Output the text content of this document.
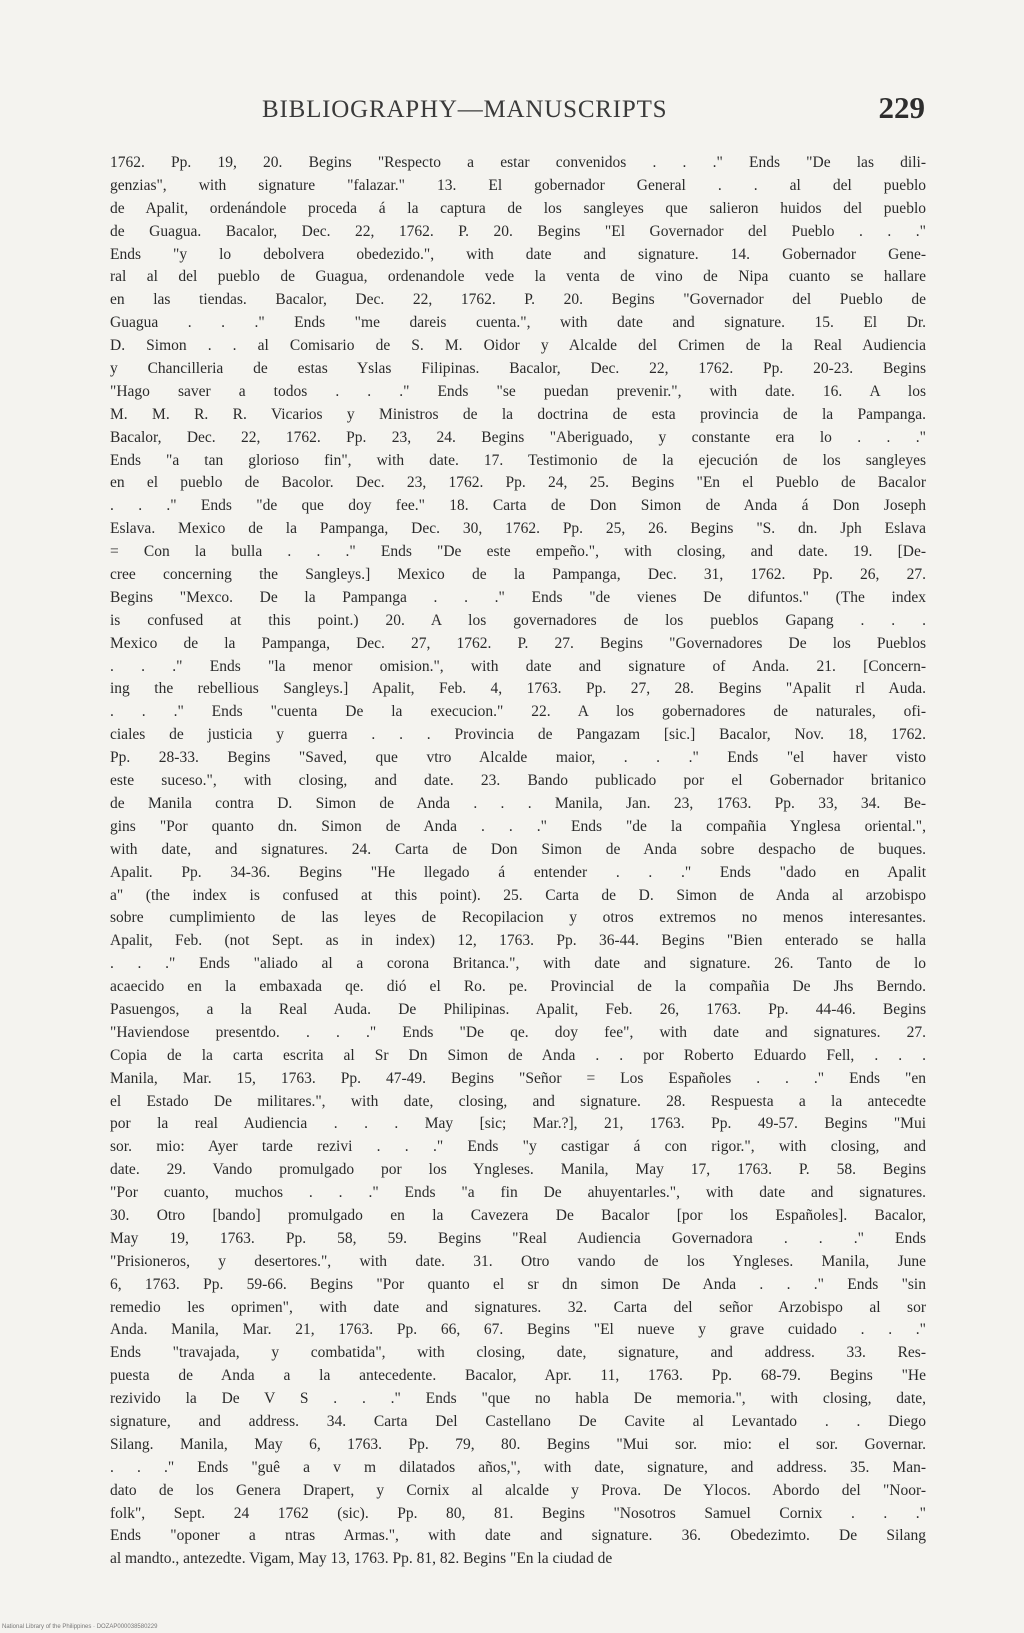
BIBLIOGRAPHY—MANUSCRIPTS	229
1762. Pp. 19, 20. Begins "Respecto a estar convenidos . . ." Ends "De las dili-
genzias", with signature "falazar." 13. El gobernador General . . al del pueblo
de Apalit, ordenándole proceda á la captura de los sangleyes que salieron huidos del pueblo
de Guagua. Bacalor, Dec. 22, 1762. P. 20. Begins "El Governador del Pueblo . . ."
Ends "y lo debolvera obedezido.", with date and signature. 14. Gobernador Gene-
ral al del pueblo de Guagua, ordenandole vede la venta de vino de Nipa cuanto se hallare
en las tiendas. Bacalor, Dec. 22, 1762. P. 20. Begins "Governador del Pueblo de
Guagua . . ." Ends "me dareis cuenta.", with date and signature. 15. El Dr.
D. Simon . . al Comisario de S. M. Oidor y Alcalde del Crimen de la Real Audiencia
y Chancilleria de estas Yslas Filipinas. Bacalor, Dec. 22, 1762. Pp. 20-23. Begins
"Hago saver a todos . . ." Ends "se puedan prevenir.", with date. 16. A los
M. M. R. R. Vicarios y Ministros de la doctrina de esta provincia de la Pampanga.
Bacalor, Dec. 22, 1762. Pp. 23, 24. Begins "Aberiguado, y constante era lo . . ."
Ends "a tan glorioso fin", with date. 17. Testimonio de la ejecución de los sangleyes
en el pueblo de Bacolor. Dec. 23, 1762. Pp. 24, 25. Begins "En el Pueblo de Bacalor
. . ." Ends "de que doy fee." 18. Carta de Don Simon de Anda á Don Joseph
Eslava. Mexico de la Pampanga, Dec. 30, 1762. Pp. 25, 26. Begins "S. dn. Jph Eslava
= Con la bulla . . ." Ends "De este empeño.", with closing, and date. 19. [De-
cree concerning the Sangleys.] Mexico de la Pampanga, Dec. 31, 1762. Pp. 26, 27.
Begins "Mexco. De la Pampanga . . ." Ends "de vienes De difuntos." (The index
is confused at this point.) 20. A los governadores de los pueblos Gapang . . .
Mexico de la Pampanga, Dec. 27, 1762. P. 27. Begins "Governadores De los Pueblos
. . ." Ends "la menor omision.", with date and signature of Anda. 21. [Concern-
ing the rebellious Sangleys.] Apalit, Feb. 4, 1763. Pp. 27, 28. Begins "Apalit rl Auda.
. . ." Ends "cuenta De la execucion." 22. A los gobernadores de naturales, ofi-
ciales de justicia y guerra . . . Provincia de Pangazam [sic.] Bacalor, Nov. 18, 1762.
Pp. 28-33. Begins "Saved, que vtro Alcalde maior, . . ." Ends "el haver visto
este suceso.", with closing, and date. 23. Bando publicado por el Gobernador britanico
de Manila contra D. Simon de Anda . . . Manila, Jan. 23, 1763. Pp. 33, 34. Be-
gins "Por quanto dn. Simon de Anda . . ." Ends "de la compañia Ynglesa oriental.",
with date, and signatures. 24. Carta de Don Simon de Anda sobre despacho de buques.
Apalit. Pp. 34-36. Begins "He llegado á entender . . ." Ends "dado en Apalit
a" (the index is confused at this point). 25. Carta de D. Simon de Anda al arzobispo
sobre cumplimiento de las leyes de Recopilacion y otros extremos no menos interesantes.
Apalit, Feb. (not Sept. as in index) 12, 1763. Pp. 36-44. Begins "Bien enterado se halla
. . ." Ends "aliado al a corona Britanca.", with date and signature. 26. Tanto de lo
acaecido en la embaxada qe. dió el Ro. pe. Provincial de la compañia De Jhs Berndo.
Pasuengos, a la Real Auda. De Philipinas. Apalit, Feb. 26, 1763. Pp. 44-46. Begins
"Haviendose presentdo. . . ." Ends "De qe. doy fee", with date and signatures. 27.
Copia de la carta escrita al Sr Dn Simon de Anda . . por Roberto Eduardo Fell, . . .
Manila, Mar. 15, 1763. Pp. 47-49. Begins "Señor = Los Españoles . . ." Ends "en
el Estado De militares.", with date, closing, and signature. 28. Respuesta a la antecedte
por la real Audiencia . . . May [sic; Mar.?], 21, 1763. Pp. 49-57. Begins "Mui
sor. mio: Ayer tarde rezivi . . ." Ends "y castigar á con rigor.", with closing, and
date. 29. Vando promulgado por los Yngleses. Manila, May 17, 1763. P. 58. Begins
"Por cuanto, muchos . . ." Ends "a fin De ahuyentarles.", with date and signatures.
30. Otro [bando] promulgado en la Cavezera De Bacalor [por los Españoles]. Bacalor,
May 19, 1763. Pp. 58, 59. Begins "Real Audiencia Governadora . . ." Ends
"Prisioneros, y desertores.", with date. 31. Otro vando de los Yngleses. Manila, June
6, 1763. Pp. 59-66. Begins "Por quanto el sr dn simon De Anda . . ." Ends "sin
remedio les oprimen", with date and signatures. 32. Carta del señor Arzobispo al sor
Anda. Manila, Mar. 21, 1763. Pp. 66, 67. Begins "El nueve y grave cuidado . . ."
Ends "travajada, y combatida", with closing, date, signature, and address. 33. Res-
puesta de Anda a la antecedente. Bacalor, Apr. 11, 1763. Pp. 68-79. Begins "He
rezivido la De V S . . ." Ends "que no habla De memoria.", with closing, date,
signature, and address. 34. Carta Del Castellano De Cavite al Levantado . . Diego
Silang. Manila, May 6, 1763. Pp. 79, 80. Begins "Mui sor. mio: el sor. Governar.
. . ." Ends "guê a v m dilatados años,", with date, signature, and address. 35. Man-
dato de los Genera Drapert, y Cornix al alcalde y Prova. De Ylocos. Abordo del "Noor-
folk", Sept. 24 1762 (sic). Pp. 80, 81. Begins "Nosotros Samuel Cornix . . ."
Ends "oponer a ntras Armas.", with date and signature. 36. Obedezimto. De Silang
al mandto., antezedte. Vigam, May 13, 1763. Pp. 81, 82. Begins "En la ciudad de
National Library of the Philippines · DOZAP000038580229
